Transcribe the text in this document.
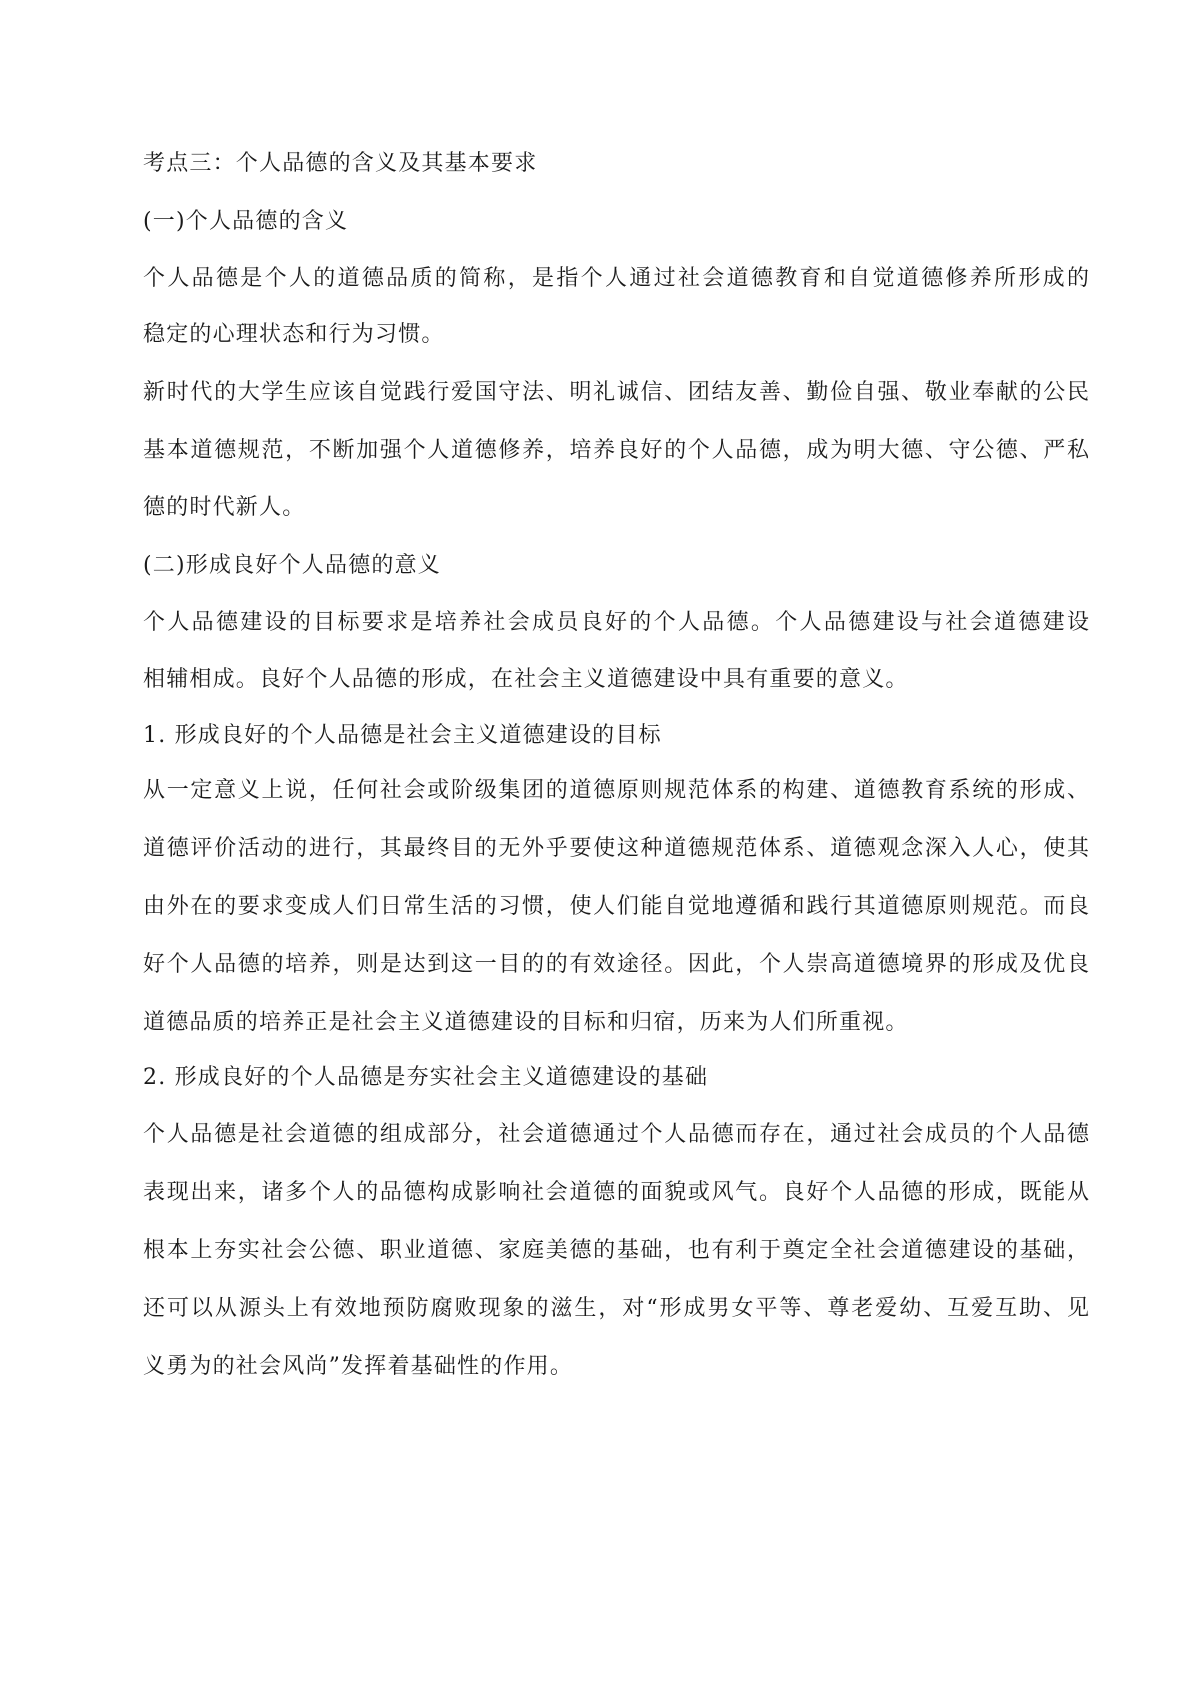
考点三：个人品德的含义及其基本要求
(一)个人品德的含义
个人品德是个人的道德品质的简称，是指个人通过社会道德教育和自觉道德修养所形成的
稳定的心理状态和行为习惯。
新时代的大学生应该自觉践行爱国守法、明礼诚信、团结友善、勤俭自强、敬业奉献的公民
基本道德规范，不断加强个人道德修养，培养良好的个人品德，成为明大德、守公德、严私
德的时代新人。
(二)形成良好个人品德的意义
个人品德建设的目标要求是培养社会成员良好的个人品德。个人品德建设与社会道德建设
相辅相成。良好个人品德的形成，在社会主义道德建设中具有重要的意义。
1. 形成良好的个人品德是社会主义道德建设的目标
从一定意义上说，任何社会或阶级集团的道德原则规范体系的构建、道德教育系统的形成、
道德评价活动的进行，其最终目的无外乎要使这种道德规范体系、道德观念深入人心，使其
由外在的要求变成人们日常生活的习惯，使人们能自觉地遵循和践行其道德原则规范。而良
好个人品德的培养，则是达到这一目的的有效途径。因此，个人崇高道德境界的形成及优良
道德品质的培养正是社会主义道德建设的目标和归宿，历来为人们所重视。
2. 形成良好的个人品德是夯实社会主义道德建设的基础
个人品德是社会道德的组成部分，社会道德通过个人品德而存在，通过社会成员的个人品德
表现出来，诸多个人的品德构成影响社会道德的面貌或风气。良好个人品德的形成，既能从
根本上夯实社会公德、职业道德、家庭美德的基础，也有利于奠定全社会道德建设的基础，
还可以从源头上有效地预防腐败现象的滋生，对“形成男女平等、尊老爱幼、互爱互助、见
义勇为的社会风尚”发挥着基础性的作用。
